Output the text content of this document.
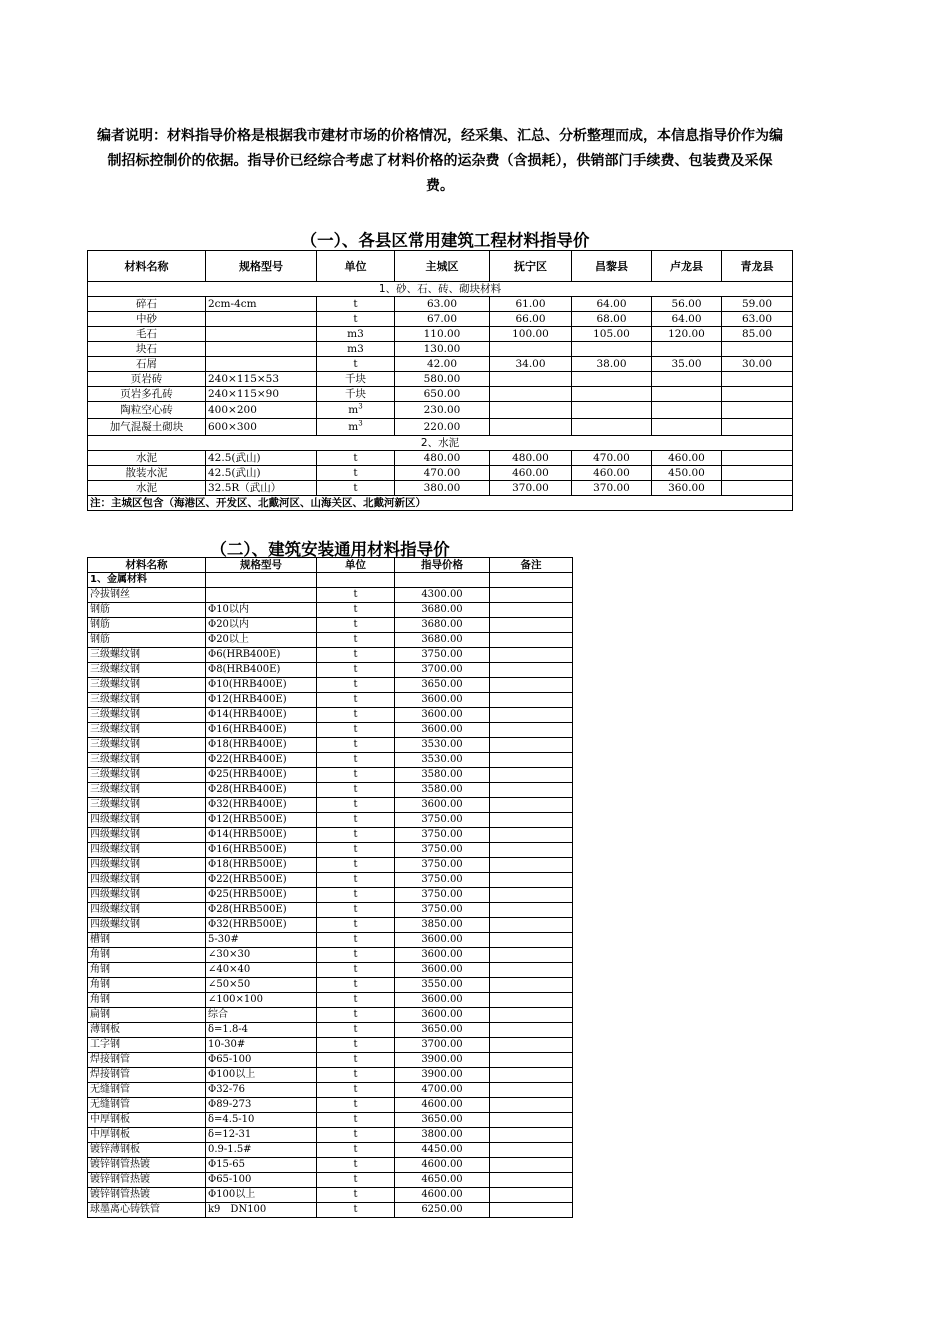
编者说明：材料指导价格是根据我市建材市场的价格情况，经采集、汇总、分析整理而成，本信息指导价作为编制招标控制价的依据。指导价已经综合考虑了材料价格的运杂费（含损耗），供销部门手续费、包装费及采保费。

（一）、各县区常用建筑工程材料指导价
材料名称	规格型号	单位	主城区	抚宁区	昌黎县	卢龙县	青龙县
1、砂、石、砖、砌块材料							
碎石	2cm-4cm	t	63.00	61.00	64.00	56.00	59.00
中砂		t	67.00	66.00	68.00	64.00	63.00
毛石		m3	110.00	100.00	105.00	120.00	85.00
块石		m3	130.00				
石屑		t	42.00	34.00	38.00	35.00	30.00
页岩砖	240×115×53	千块	580.00				
页岩多孔砖	240×115×90	千块	650.00				
陶粒空心砖	400×200	$m^3$	230.00				
加气混凝土砌块	600×300	$m^3$	220.00				
2、水泥							
水泥	42.5(武山)	t	480.00	480.00	470.00	460.00	
散装水泥	42.5(武山)	t	470.00	460.00	460.00	450.00	
水泥	32.5R（武山）	t	380.00	370.00	370.00	360.00	
注：主城区包含（海港区、开发区、北戴河区、山海关区、北戴河新区）							
（二）、建筑安装通用材料指导价
材料名称	规格型号	单位	指导价格	备注
1、金属材料				
冷拔钢丝		t	4300.00	
钢筋	Φ10以内	t	3680.00	
钢筋	Φ20以内	t	3680.00	
钢筋	Φ20以上	t	3680.00	
三级螺纹钢	Φ6(HRB400E)	t	3750.00	
三级螺纹钢	Φ8(HRB400E)	t	3700.00	
三级螺纹钢	Φ10(HRB400E)	t	3650.00	
三级螺纹钢	Φ12(HRB400E)	t	3600.00	
三级螺纹钢	Φ14(HRB400E)	t	3600.00	
三级螺纹钢	Φ16(HRB400E)	t	3600.00	
三级螺纹钢	Φ18(HRB400E)	t	3530.00	
三级螺纹钢	Φ22(HRB400E)	t	3530.00	
三级螺纹钢	Φ25(HRB400E)	t	3580.00	
三级螺纹钢	Φ28(HRB400E)	t	3580.00	
三级螺纹钢	Φ32(HRB400E)	t	3600.00	
四级螺纹钢	Φ12(HRB500E)	t	3750.00	
四级螺纹钢	Φ14(HRB500E)	t	3750.00	
四级螺纹钢	Φ16(HRB500E)	t	3750.00	
四级螺纹钢	Φ18(HRB500E)	t	3750.00	
四级螺纹钢	Φ22(HRB500E)	t	3750.00	
四级螺纹钢	Φ25(HRB500E)	t	3750.00	
四级螺纹钢	Φ28(HRB500E)	t	3750.00	
四级螺纹钢	Φ32(HRB500E)	t	3850.00	
槽钢	5-30#	t	3600.00	
角钢	∠30×30	t	3600.00	
角钢	∠40×40	t	3600.00	
角钢	∠50×50	t	3550.00	
角钢	∠100×100	t	3600.00	
扁钢	综合	t	3600.00	
薄钢板	δ=1.8-4	t	3650.00	
工字钢	10-30#	t	3700.00	
焊接钢管	Φ65-100	t	3900.00	
焊接钢管	Φ100以上	t	3900.00	
无缝钢管	Φ32-76	t	4700.00	
无缝钢管	Φ89-273	t	4600.00	
中厚钢板	δ=4.5-10	t	3650.00	
中厚钢板	δ=12-31	t	3800.00	
镀锌薄钢板	0.9-1.5#	t	4450.00	
镀锌钢管热镀	Φ15-65	t	4600.00	
镀锌钢管热镀	Φ65-100	t	4650.00	
镀锌钢管热镀	Φ100以上	t	4600.00	
球墨离心铸铁管	k9　DN100	t	6250.00	
